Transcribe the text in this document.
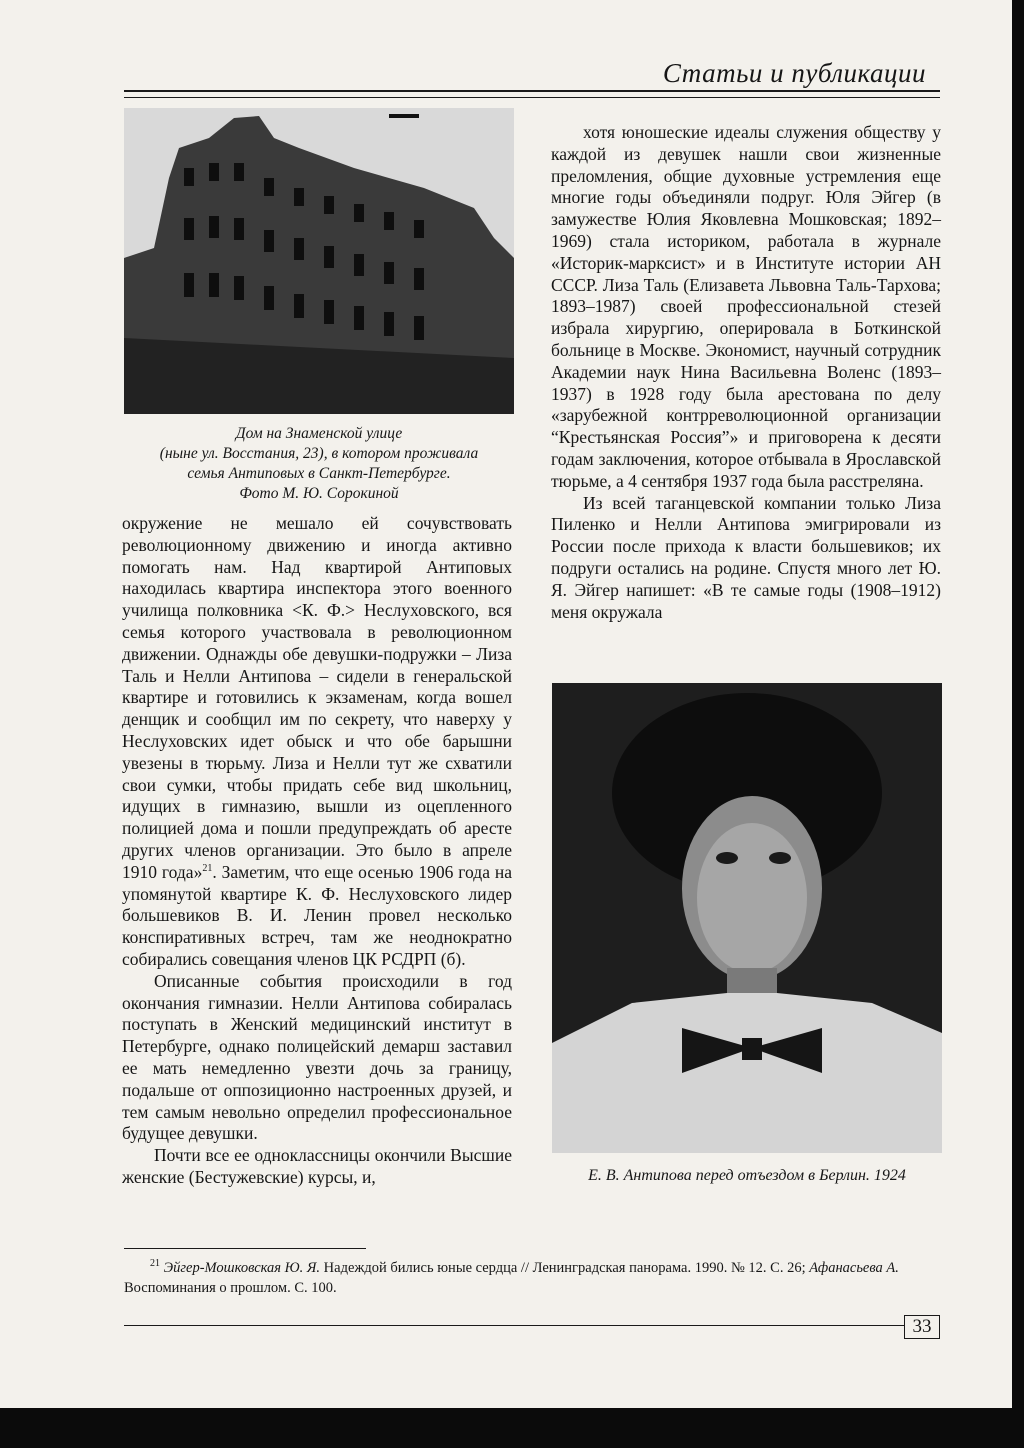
Статьи и публикации
Дом на Знаменской улице
(ныне ул. Восстания, 23), в котором проживала
семья Антиповых в Санкт-Петербурге.
Фото М. Ю. Сорокиной

хотя юношеские идеалы служения обществу у каждой из девушек нашли свои жизненные преломления, общие духовные устремления еще многие годы объединяли подруг. Юля Эйгер (в замужестве Юлия Яковлевна Мошковская; 1892–1969) стала историком, работала в журнале «Историк-марксист» и в Институте истории АН СССР. Лиза Таль (Елизавета Львовна Таль-Тархова; 1893–1987) своей профессиональной стезей избрала хирургию, оперировала в Боткинской больнице в Москве. Экономист, научный сотрудник Академии наук Нина Васильевна Воленс (1893–1937) в 1928 году была арестована по делу «зарубежной контрреволюционной организации “Крестьянская Россия”» и приговорена к десяти годам заключения, которое отбывала в Ярославской тюрьме, а 4 сентября 1937 года была расстреляна.

Из всей таганцевской компании только Лиза Пиленко и Нелли Антипова эмигрировали из России после прихода к власти большевиков; их подруги остались на родине. Спустя много лет Ю. Я. Эйгер напишет: «В те самые годы (1908–1912) меня окружала

Е. В. Антипова перед отъездом в Берлин. 1924

окружение не мешало ей сочувствовать революционному движению и иногда активно помогать нам. Над квартирой Антиповых находилась квартира инспектора этого военного училища полковника <К. Ф.> Неслуховского, вся семья которого участвовала в революционном движении. Однажды обе девушки-подружки – Лиза Таль и Нелли Антипова – сидели в генеральской квартире и готовились к экзаменам, когда вошел денщик и сообщил им по секрету, что наверху у Неслуховских идет обыск и что обе барышни увезены в тюрьму. Лиза и Нелли тут же схватили свои сумки, чтобы придать себе вид школьниц, идущих в гимназию, вышли из оцепленного полицией дома и пошли предупреждать об аресте других членов организации. Это было в апреле 1910 года»$^{21}$. Заметим, что еще осенью 1906 года на упомянутой квартире К. Ф. Неслуховского лидер большевиков В. И. Ленин провел несколько конспиративных встреч, там же неоднократно собирались совещания членов ЦК РСДРП (б).

Описанные события происходили в год окончания гимназии. Нелли Антипова собиралась поступать в Женский медицинский институт в Петербурге, однако полицейский демарш заставил ее мать немедленно увезти дочь за границу, подальше от оппозиционно настроенных друзей, и тем самым невольно определил профессиональное будущее девушки.

Почти все ее одноклассницы окончили Высшие женские (Бестужевские) курсы, и,

$^{21}$ Эйгер-Мошковская Ю. Я. Надеждой бились юные сердца // Ленинградская панорама. 1990. № 12. С. 26; Афанасьева А. Воспоминания о прошлом. С. 100.
33
